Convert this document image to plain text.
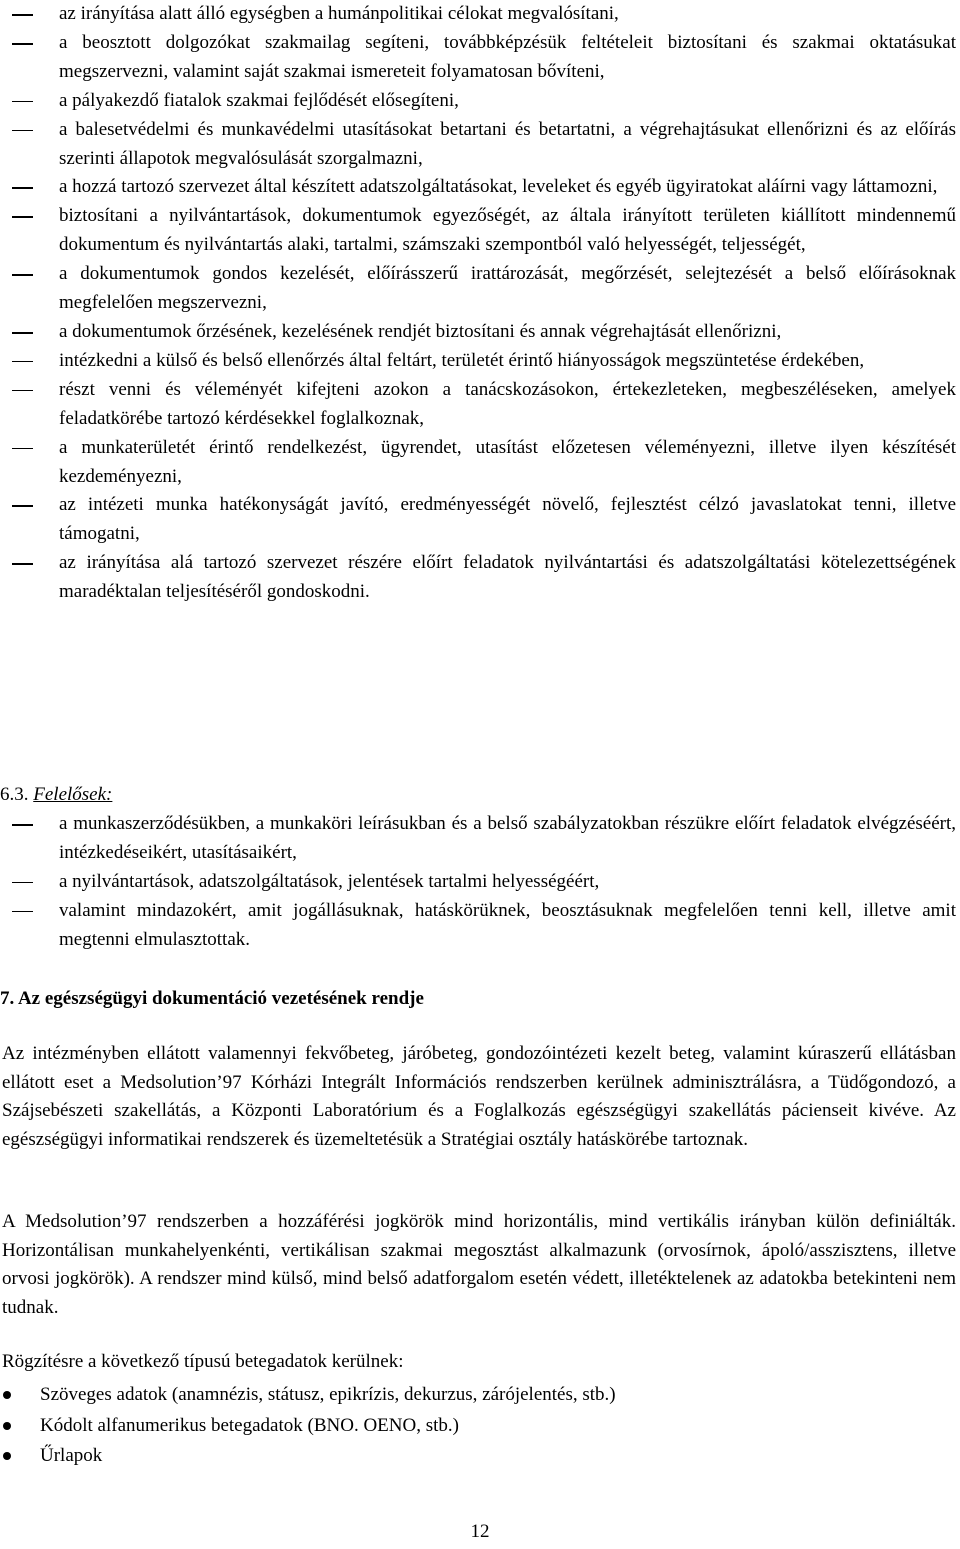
az irányítása alatt álló egységben a humánpolitikai célokat megvalósítani,
a beosztott dolgozókat szakmailag segíteni, továbbképzésük feltételeit biztosítani és szakmai oktatásukat megszervezni, valamint saját szakmai ismereteit folyamatosan bővíteni,
a pályakezdő fiatalok szakmai fejlődését elősegíteni,
a balesetvédelmi és munkavédelmi utasításokat betartani és betartatni, a végrehajtásukat ellenőrizni és az előírás szerinti állapotok megvalósulását szorgalmazni,
a hozzá tartozó szervezet által készített adatszolgáltatásokat, leveleket és egyéb ügyiratokat aláírni vagy láttamozni,
biztosítani a nyilvántartások, dokumentumok egyezőségét, az általa irányított területen kiállított mindennemű dokumentum és nyilvántartás alaki, tartalmi, számszaki szempontból való helyességét, teljességét,
a dokumentumok gondos kezelését, előírásszerű irattározását, megőrzését, selejtezését a belső előírásoknak megfelelően megszervezni,
a dokumentumok őrzésének, kezelésének rendjét biztosítani és annak végrehajtását ellenőrizni,
intézkedni a külső és belső ellenőrzés által feltárt, területét érintő hiányosságok megszüntetése érdekében,
részt venni és véleményét kifejteni azokon a tanácskozásokon, értekezleteken, megbeszéléseken, amelyek feladatkörébe tartozó kérdésekkel foglalkoznak,
a munkaterületét érintő rendelkezést, ügyrendet, utasítást előzetesen véleményezni, illetve ilyen készítését kezdeményezni,
az intézeti munka hatékonyságát javító, eredményességét növelő, fejlesztést célzó javaslatokat tenni, illetve támogatni,
az irányítása alá tartozó szervezet részére előírt feladatok nyilvántartási és adatszolgáltatási kötelezettségének maradéktalan teljesítéséről gondoskodni.
6.3. Felelősek:
a munkaszerződésükben, a munkaköri leírásukban és a belső szabályzatokban részükre előírt feladatok elvégzéséért, intézkedéseikért, utasításaikért,
a nyilvántartások, adatszolgáltatások, jelentések tartalmi helyességéért,
valamint mindazokért, amit jogállásuknak, hatáskörüknek, beosztásuknak megfelelően tenni kell, illetve amit megtenni elmulasztottak.
7. Az egészségügyi dokumentáció vezetésének rendje
Az intézményben ellátott valamennyi fekvőbeteg, járóbeteg, gondozóintézeti kezelt beteg, valamint kúraszerű ellátásban ellátott eset a Medsolution’97 Kórházi Integrált Információs rendszerben kerülnek adminisztrálásra, a Tüdőgondozó, a Szájsebészeti szakellátás, a Központi Laboratórium és a Foglalkozás egészségügyi szakellátás pácienseit kivéve. Az egészségügyi informatikai rendszerek és üzemeltetésük a Stratégiai osztály hatáskörébe tartoznak.
A Medsolution’97 rendszerben a hozzáférési jogkörök mind horizontális, mind vertikális irányban külön definiálták. Horizontálisan munkahelyenkénti, vertikálisan szakmai megosztást alkalmazunk (orvosírnok, ápoló/asszisztens, illetve orvosi jogkörök). A rendszer mind külső, mind belső adatforgalom esetén védett, illetéktelenek az adatokba betekinteni nem tudnak.
Rögzítésre a következő típusú betegadatok kerülnek:
Szöveges adatok (anamnézis, státusz, epikrízis, dekurzus, zárójelentés, stb.)
Kódolt alfanumerikus betegadatok (BNO. OENO, stb.)
Űrlapok
12
